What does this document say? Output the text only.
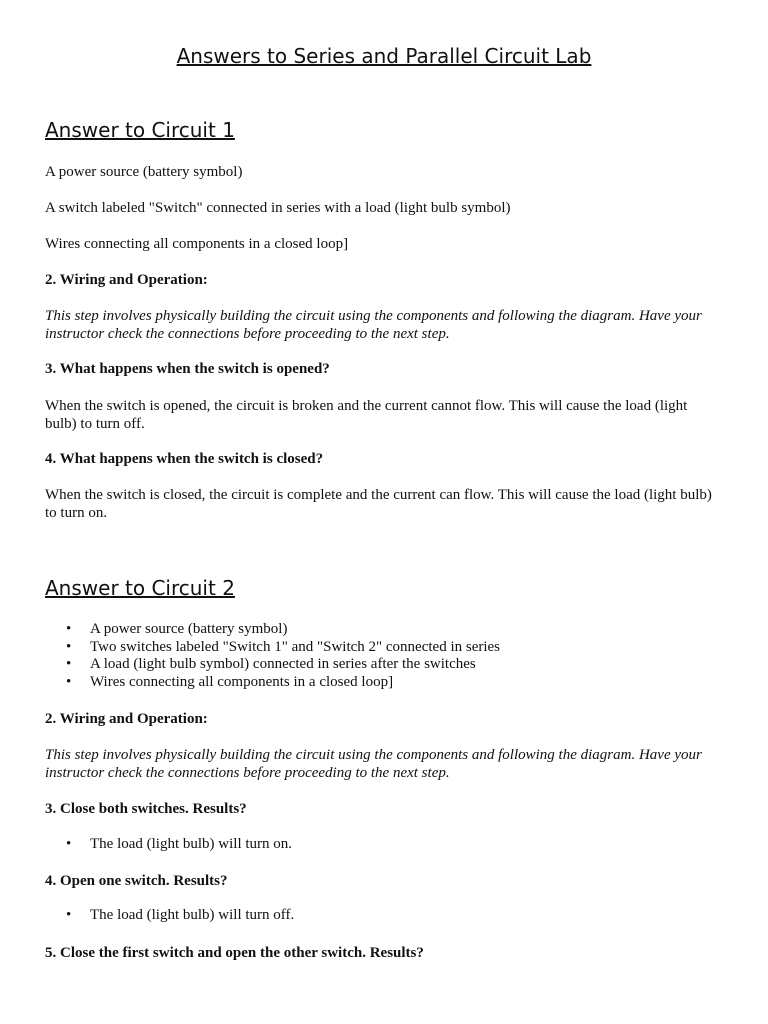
Answers to Series and Parallel Circuit Lab
Answer to Circuit 1

A power source (battery symbol)

A switch labeled "Switch" connected in series with a load (light bulb symbol)

Wires connecting all components in a closed loop]

2. Wiring and Operation:

This step involves physically building the circuit using the components and following the diagram. Have your instructor check the connections before proceeding to the next step.

3. What happens when the switch is opened?

When the switch is opened, the circuit is broken and the current cannot flow. This will cause the load (light bulb) to turn off.

4. What happens when the switch is closed?

When the switch is closed, the circuit is complete and the current can flow. This will cause the load (light bulb) to turn on.

Answer to Circuit 2
• A power source (battery symbol)
• Two switches labeled "Switch 1" and "Switch 2" connected in series
• A load (light bulb symbol) connected in series after the switches
• Wires connecting all components in a closed loop]

2. Wiring and Operation:

This step involves physically building the circuit using the components and following the diagram. Have your instructor check the connections before proceeding to the next step.

3. Close both switches. Results?

• The load (light bulb) will turn on.

4. Open one switch. Results?

• The load (light bulb) will turn off.

5. Close the first switch and open the other switch. Results?
